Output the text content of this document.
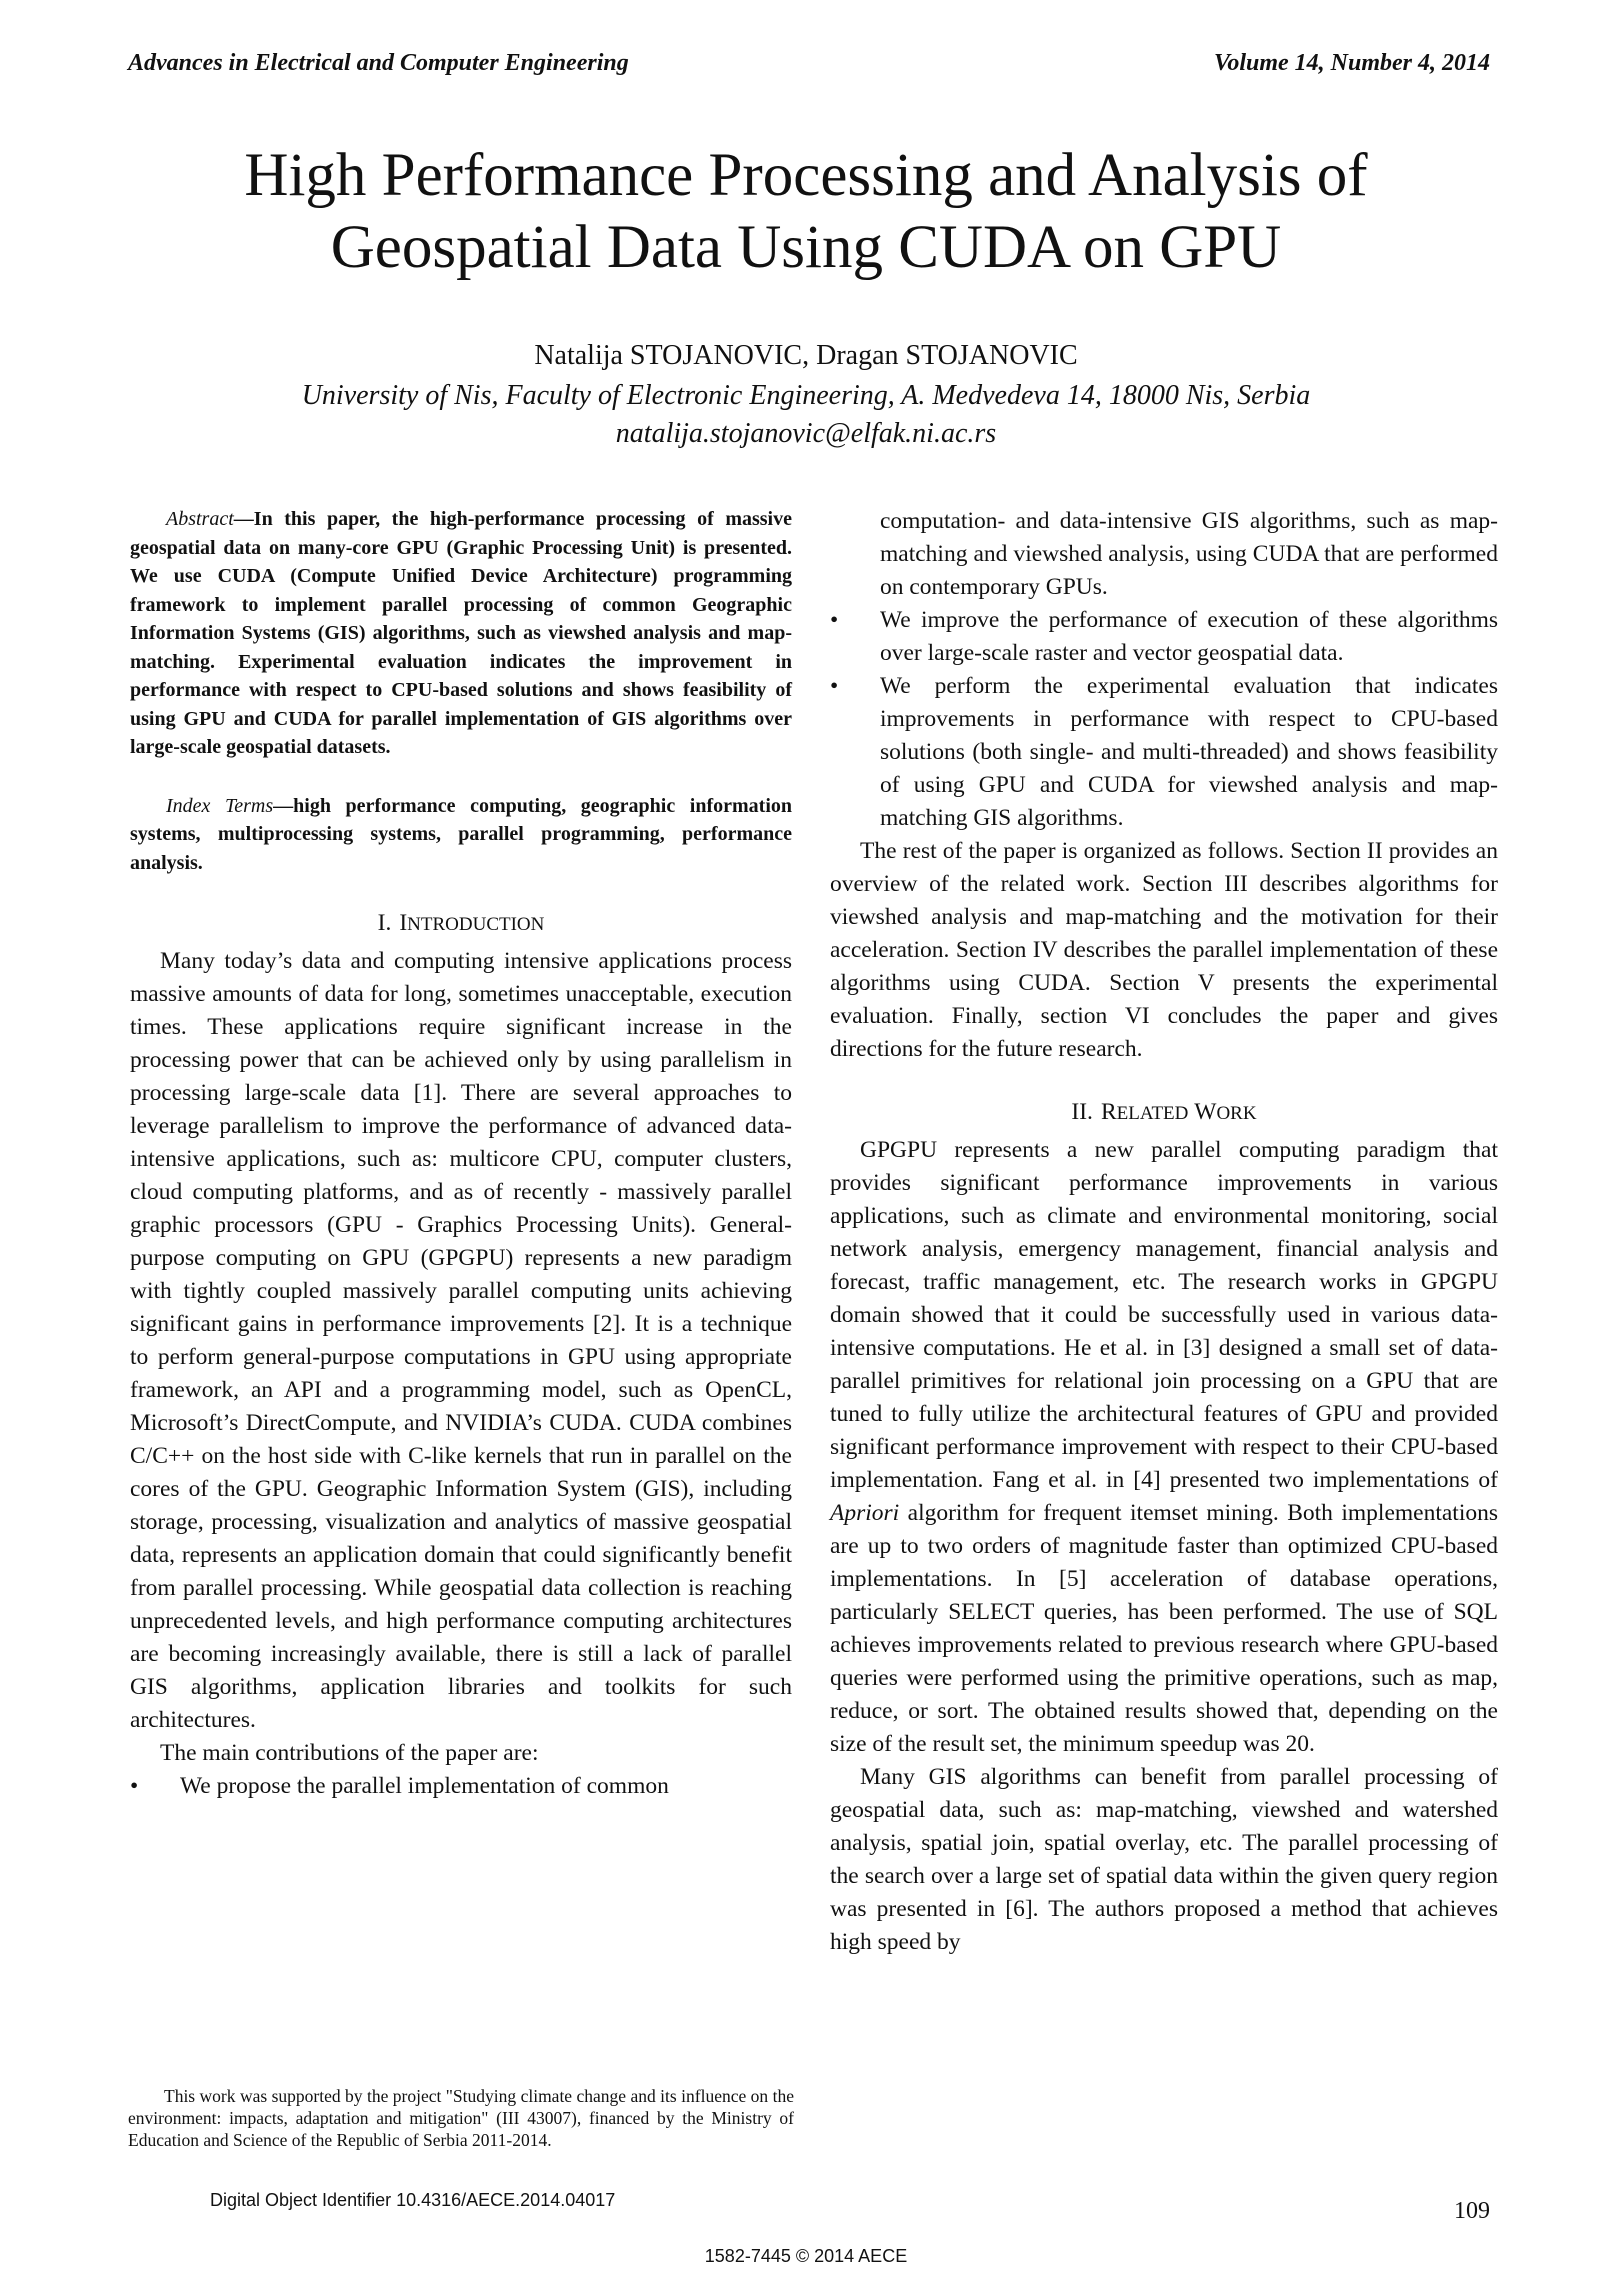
Advances in Electrical and Computer Engineering	Volume 14, Number 4, 2014
High Performance Processing and Analysis of
Geospatial Data Using CUDA on GPU
Natalija STOJANOVIC, Dragan STOJANOVIC
University of Nis, Faculty of Electronic Engineering, A. Medvedeva 14, 18000 Nis, Serbia
natalija.stojanovic@elfak.ni.ac.rs

Abstract—In this paper, the high-performance processing of massive geospatial data on many-core GPU (Graphic Processing Unit) is presented. We use CUDA (Compute Unified Device Architecture) programming framework to implement parallel processing of common Geographic Information Systems (GIS) algorithms, such as viewshed analysis and map-matching. Experimental evaluation indicates the improvement in performance with respect to CPU-based solutions and shows feasibility of using GPU and CUDA for parallel implementation of GIS algorithms over large-scale geospatial datasets.

Index Terms—high performance computing, geographic information systems, multiprocessing systems, parallel programming, performance analysis.

I. INTRODUCTION

Many today’s data and computing intensive applications process massive amounts of data for long, sometimes unacceptable, execution times. These applications require significant increase in the processing power that can be achieved only by using parallelism in processing large-scale data [1]. There are several approaches to leverage parallelism to improve the performance of advanced data-intensive applications, such as: multicore CPU, computer clusters, cloud computing platforms, and as of recently - massively parallel graphic processors (GPU - Graphics Processing Units). General-purpose computing on GPU (GPGPU) represents a new paradigm with tightly coupled massively parallel computing units achieving significant gains in performance improvements [2]. It is a technique to perform general-purpose computations in GPU using appropriate framework, an API and a programming model, such as OpenCL, Microsoft’s DirectCompute, and NVIDIA’s CUDA. CUDA combines C/C++ on the host side with C-like kernels that run in parallel on the cores of the GPU. Geographic Information System (GIS), including storage, processing, visualization and analytics of massive geospatial data, represents an application domain that could significantly benefit from parallel processing. While geospatial data collection is reaching unprecedented levels, and high performance computing architectures are becoming increasingly available, there is still a lack of parallel GIS algorithms, application libraries and toolkits for such architectures.

The main contributions of the paper are:

• We propose the parallel implementation of common
computation- and data-intensive GIS algorithms, such as map-matching and viewshed analysis, using CUDA that are performed on contemporary GPUs.
• We improve the performance of execution of these algorithms over large-scale raster and vector geospatial data.
• We perform the experimental evaluation that indicates improvements in performance with respect to CPU-based solutions (both single- and multi-threaded) and shows feasibility of using GPU and CUDA for viewshed analysis and map-matching GIS algorithms.

The rest of the paper is organized as follows. Section II provides an overview of the related work. Section III describes algorithms for viewshed analysis and map-matching and the motivation for their acceleration. Section IV describes the parallel implementation of these algorithms using CUDA. Section V presents the experimental evaluation. Finally, section VI concludes the paper and gives directions for the future research.

II. RELATED WORK

GPGPU represents a new parallel computing paradigm that provides significant performance improvements in various applications, such as climate and environmental monitoring, social network analysis, emergency management, financial analysis and forecast, traffic management, etc. The research works in GPGPU domain showed that it could be successfully used in various data-intensive computations. He et al. in [3] designed a small set of data-parallel primitives for relational join processing on a GPU that are tuned to fully utilize the architectural features of GPU and provided significant performance improvement with respect to their CPU-based implementation. Fang et al. in [4] presented two implementations of Apriori algorithm for frequent itemset mining. Both implementations are up to two orders of magnitude faster than optimized CPU-based implementations. In [5] acceleration of database operations, particularly SELECT queries, has been performed. The use of SQL achieves improvements related to previous research where GPU-based queries were performed using the primitive operations, such as map, reduce, or sort. The obtained results showed that, depending on the size of the result set, the minimum speedup was 20.

Many GIS algorithms can benefit from parallel processing of geospatial data, such as: map-matching, viewshed and watershed analysis, spatial join, spatial overlay, etc. The parallel processing of the search over a large set of spatial data within the given query region was presented in [6]. The authors proposed a method that achieves high speed by

This work was supported by the project "Studying climate change and its influence on the environment: impacts, adaptation and mitigation" (III 43007), financed by the Ministry of Education and Science of the Republic of Serbia 2011-2014.

Digital Object Identifier 10.4316/AECE.2014.04017	109
1582-7445 © 2014 AECE
